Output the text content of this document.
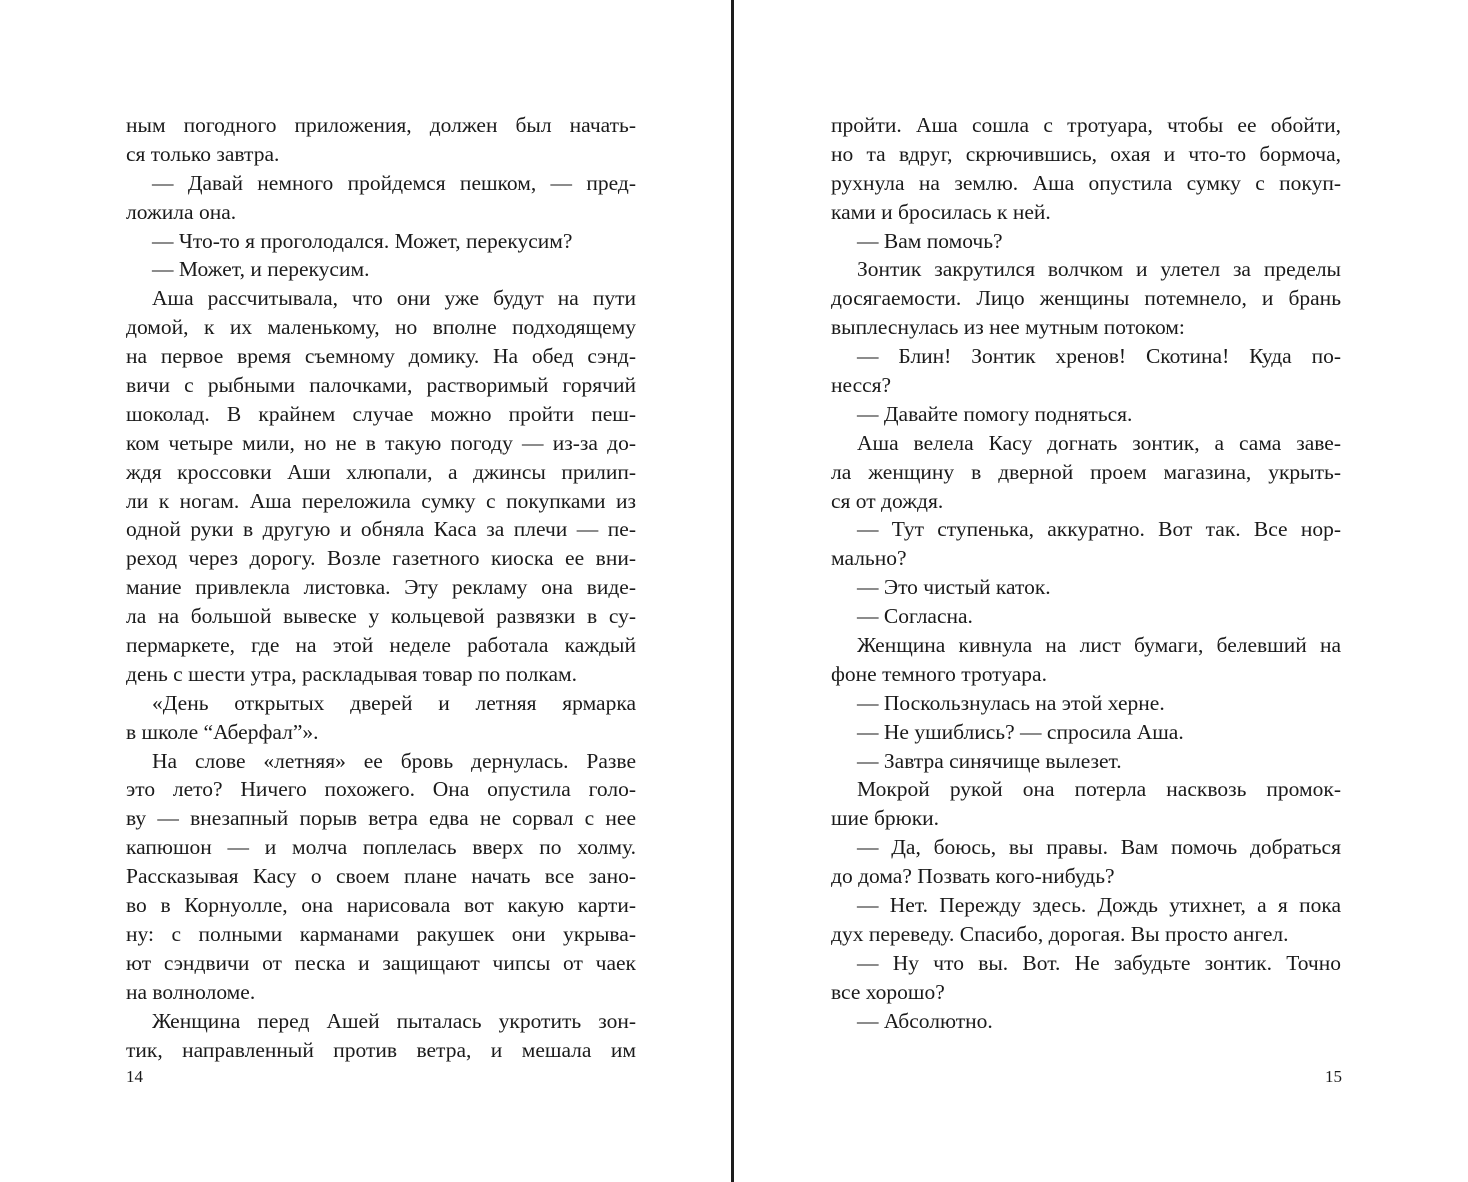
ным погодного приложения, должен был начать-
ся только завтра.
— Давай немного пройдемся пешком, — пред-
ложила она.
— Что-то я проголодался. Может, перекусим?
— Может, и перекусим.
Аша рассчитывала, что они уже будут на пути
домой, к их маленькому, но вполне подходящему
на первое время съемному домику. На обед сэнд-
вичи с рыбными палочками, растворимый горячий
шоколад. В крайнем случае можно пройти пеш-
ком четыре мили, но не в такую погоду — из-за до-
ждя кроссовки Аши хлюпали, а джинсы прилип-
ли к ногам. Аша переложила сумку с покупками из
одной руки в другую и обняла Каса за плечи — пе-
реход через дорогу. Возле газетного киоска ее вни-
мание привлекла листовка. Эту рекламу она виде-
ла на большой вывеске у кольцевой развязки в су-
пермаркете, где на этой неделе работала каждый
день с шести утра, раскладывая товар по полкам.
«День открытых дверей и летняя ярмарка
в школе “Аберфал”».
На слове «летняя» ее бровь дернулась. Разве
это лето? Ничего похожего. Она опустила голо-
ву — внезапный порыв ветра едва не сорвал с нее
капюшон — и молча поплелась вверх по холму.
Рассказывая Касу о своем плане начать все зано-
во в Корнуолле, она нарисовала вот какую карти-
ну: с полными карманами ракушек они укрыва-
ют сэндвичи от песка и защищают чипсы от чаек
на волноломе.
Женщина перед Ашей пыталась укротить зон-
тик, направленный против ветра, и мешала им
пройти. Аша сошла с тротуара, чтобы ее обойти,
но та вдруг, скрючившись, охая и что-то бормоча,
рухнула на землю. Аша опустила сумку с покуп-
ками и бросилась к ней.
— Вам помочь?
Зонтик закрутился волчком и улетел за пределы
досягаемости. Лицо женщины потемнело, и брань
выплеснулась из нее мутным потоком:
— Блин! Зонтик хренов! Скотина! Куда по-
несся?
— Давайте помогу подняться.
Аша велела Касу догнать зонтик, а сама заве-
ла женщину в дверной проем магазина, укрыть-
ся от дождя.
— Тут ступенька, аккуратно. Вот так. Все нор-
мально?
— Это чистый каток.
— Согласна.
Женщина кивнула на лист бумаги, белевший на
фоне темного тротуара.
— Поскользнулась на этой херне.
— Не ушиблись? — спросила Аша.
— Завтра синячище вылезет.
Мокрой рукой она потерла насквозь промок-
шие брюки.
— Да, боюсь, вы правы. Вам помочь добраться
до дома? Позвать кого-нибудь?
— Нет. Пережду здесь. Дождь утихнет, а я пока
дух переведу. Спасибо, дорогая. Вы просто ангел.
— Ну что вы. Вот. Не забудьте зонтик. Точно
все хорошо?
— Абсолютно.
14	15
